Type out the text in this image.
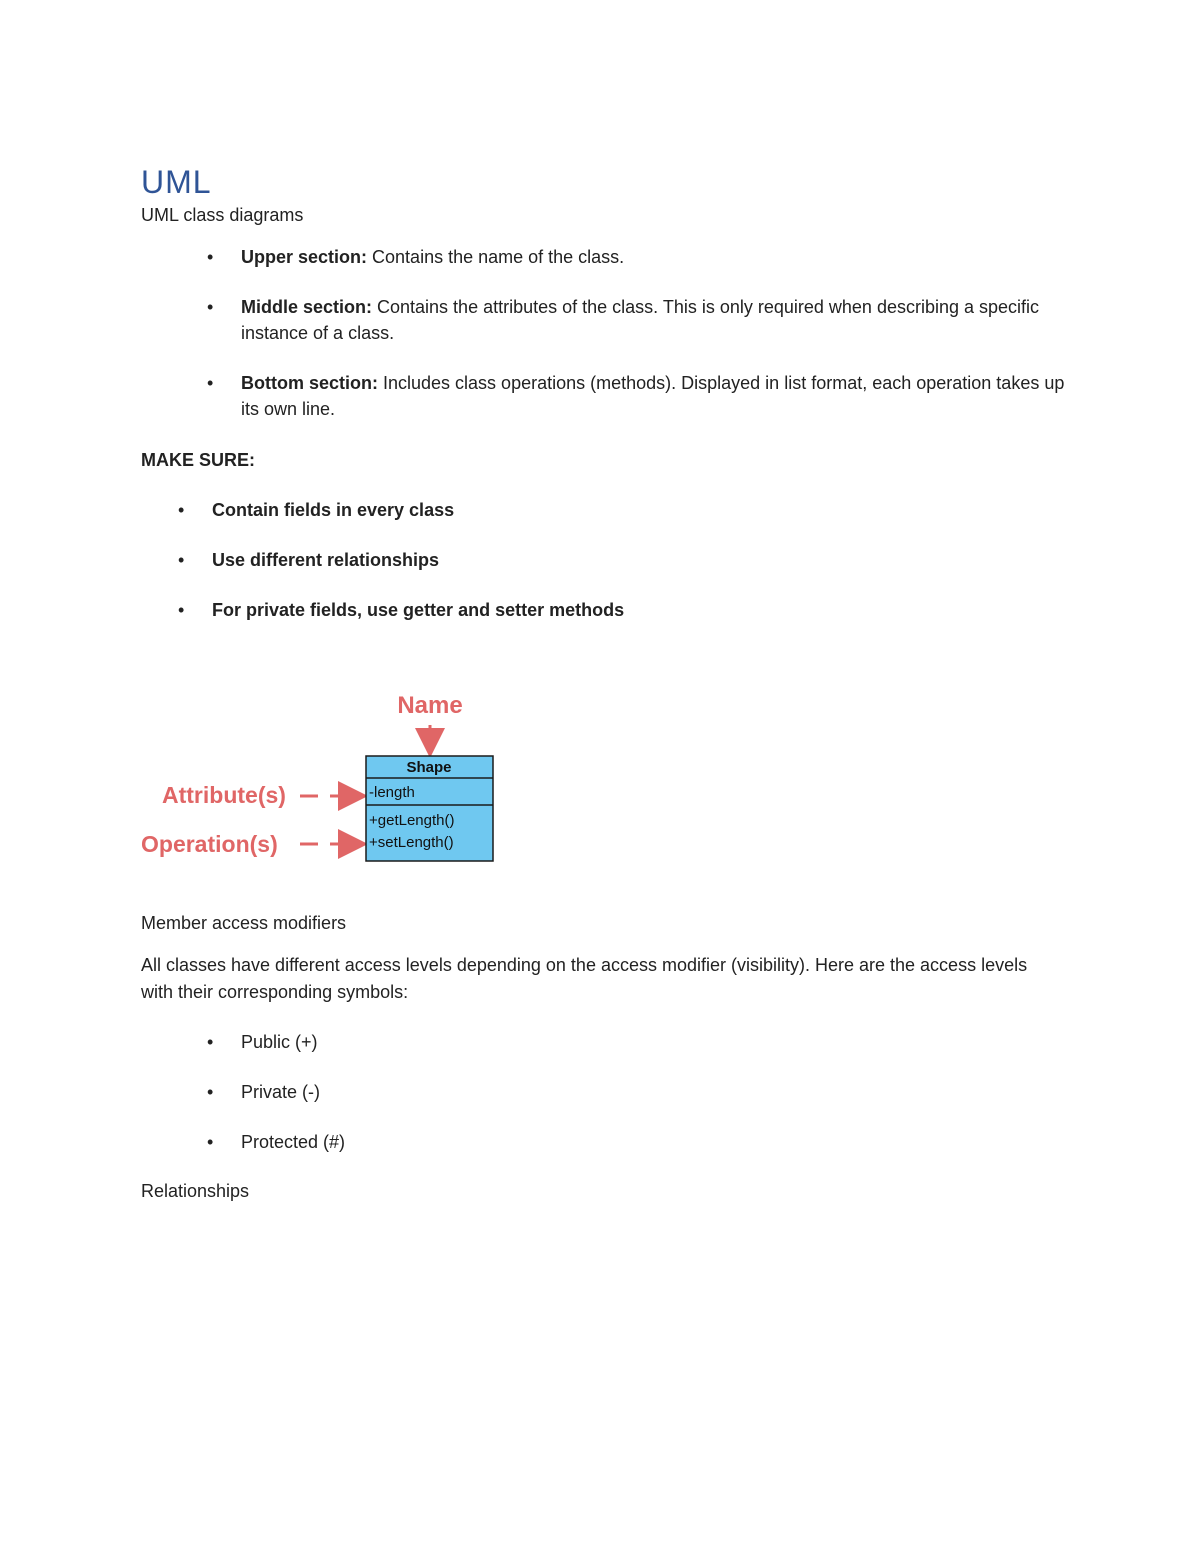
UML

UML class diagrams

• Upper section: Contains the name of the class.
• Middle section: Contains the attributes of the class. This is only required when describing a specific instance of a class.
• Bottom section: Includes class operations (methods). Displayed in list format, each operation takes up its own line.

MAKE SURE:

• Contain fields in every class
• Use different relationships
• For private fields, use getter and setter methods
Name
Attribute(s)
Operation(s)
Shape
-length
+getLength()
+setLength()

Member access modifiers

All classes have different access levels depending on the access modifier (visibility). Here are the access levels with their corresponding symbols:

• Public (+)
• Private (-)
• Protected (#)

Relationships
